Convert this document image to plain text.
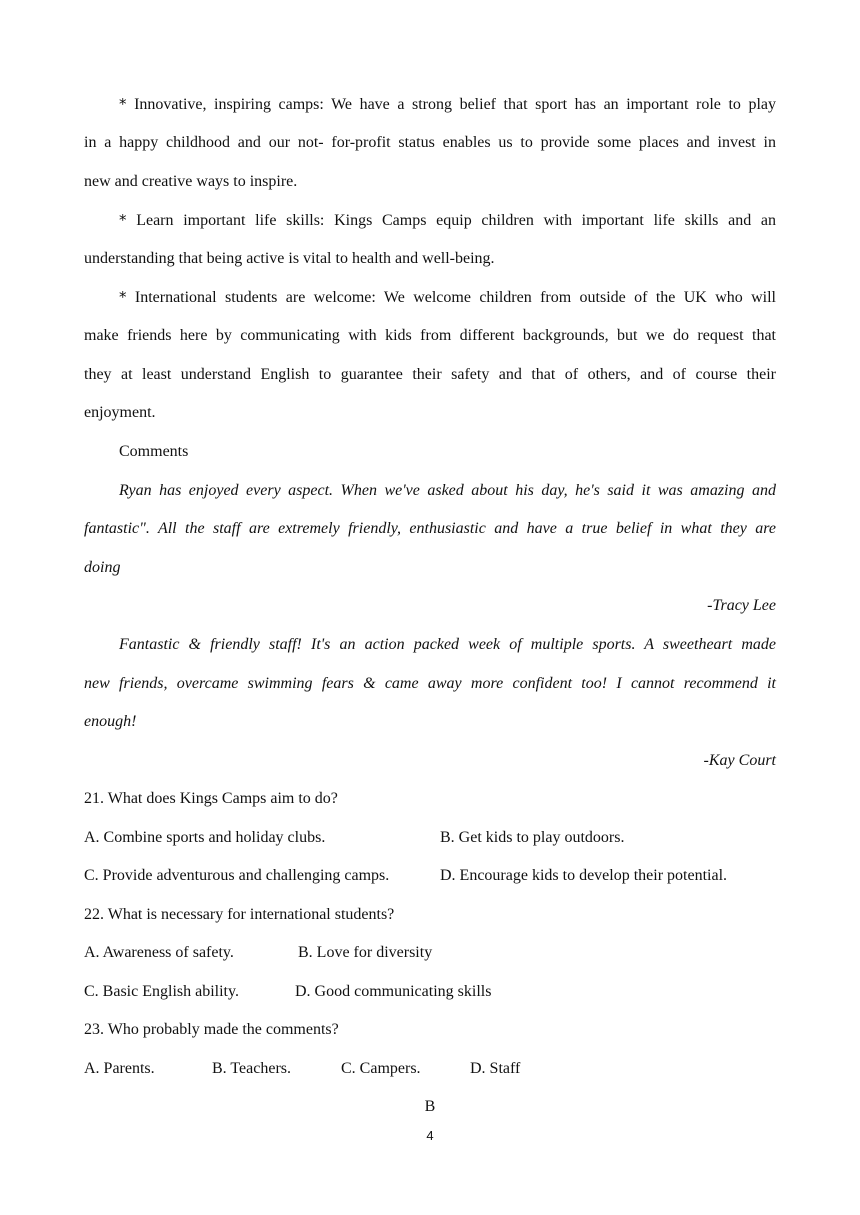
* Innovative, inspiring camps: We have a strong belief that sport has an important role to play
in a happy childhood and our not- for-profit status enables us to provide some places and invest in
new and creative ways to inspire.
* Learn important life skills: Kings Camps equip children with important life skills and an
understanding that being active is vital to health and well-being.
* International students are welcome: We welcome children from outside of the UK who will
make friends here by communicating with kids from different backgrounds, but we do request that
they at least understand English to guarantee their safety and that of others, and of course their
enjoyment.
Comments
Ryan has enjoyed every aspect. When we've asked about his day, he's said it was amazing and
fantastic". All the staff are extremely friendly, enthusiastic and have a true belief in what they are
doing
-Tracy Lee
Fantastic & friendly staff! It's an action packed week of multiple sports. A sweetheart made
new friends, overcame swimming fears & came away more confident too! I cannot recommend it
enough!
-Kay Court
21. What does Kings Camps aim to do?
A. Combine sports and holiday clubs.	B. Get kids to play outdoors.
C. Provide adventurous and challenging camps.	D. Encourage kids to develop their potential.
22. What is necessary for international students?
A. Awareness of safety.	B. Love for diversity
C. Basic English ability.	D. Good communicating skills
23. Who probably made the comments?
A. Parents.	B. Teachers.	C. Campers.	D. Staff
B
4
